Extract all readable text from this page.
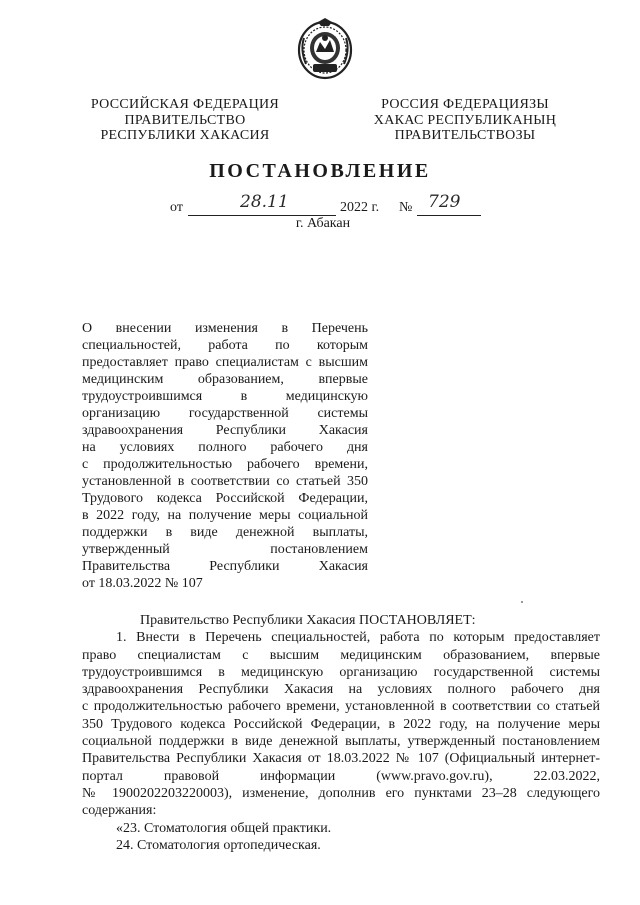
РОССИЙСКАЯ ФЕДЕРАЦИЯ
ПРАВИТЕЛЬСТВО
РЕСПУБЛИКИ ХАКАСИЯ
РОССИЯ ФЕДЕРАЦИЯЗЫ
ХАКАС РЕСПУБЛИКАНЫҢ
ПРАВИТЕЛЬСТВОЗЫ
ПОСТАНОВЛЕНИЕ
от	28.11	2022 г. № 729
г. Абакан
О внесении изменения в Перечень
специальностей, работа по которым
предоставляет право специалистам с высшим
медицинским образованием, впервые
трудоустроившимся в медицинскую
организацию государственной системы
здравоохранения Республики Хакасия
на условиях полного рабочего дня
с продолжительностью рабочего времени,
установленной в соответствии со статьей 350
Трудового кодекса Российской Федерации,
в 2022 году, на получение меры социальной
поддержки в виде денежной выплаты,
утвержденный постановлением
Правительства Республики Хакасия
от 18.03.2022 № 107
Правительство Республики Хакасия ПОСТАНОВЛЯЕТ:
1. Внести в Перечень специальностей, работа по которым предоставляет
право специалистам с высшим медицинским образованием, впервые
трудоустроившимся в медицинскую организацию государственной системы
здравоохранения Республики Хакасия на условиях полного рабочего дня
с продолжительностью рабочего времени, установленной в соответствии со статьей
350 Трудового кодекса Российской Федерации, в 2022 году, на получение меры
социальной поддержки в виде денежной выплаты, утвержденный постановлением
Правительства Республики Хакасия от 18.03.2022 № 107 (Официальный интернет-
портал правовой информации (www.pravo.gov.ru), 22.03.2022,
№ 1900202203220003), изменение, дополнив его пунктами 23–28 следующего
содержания:
«23. Стоматология общей практики.
24. Стоматология ортопедическая.
